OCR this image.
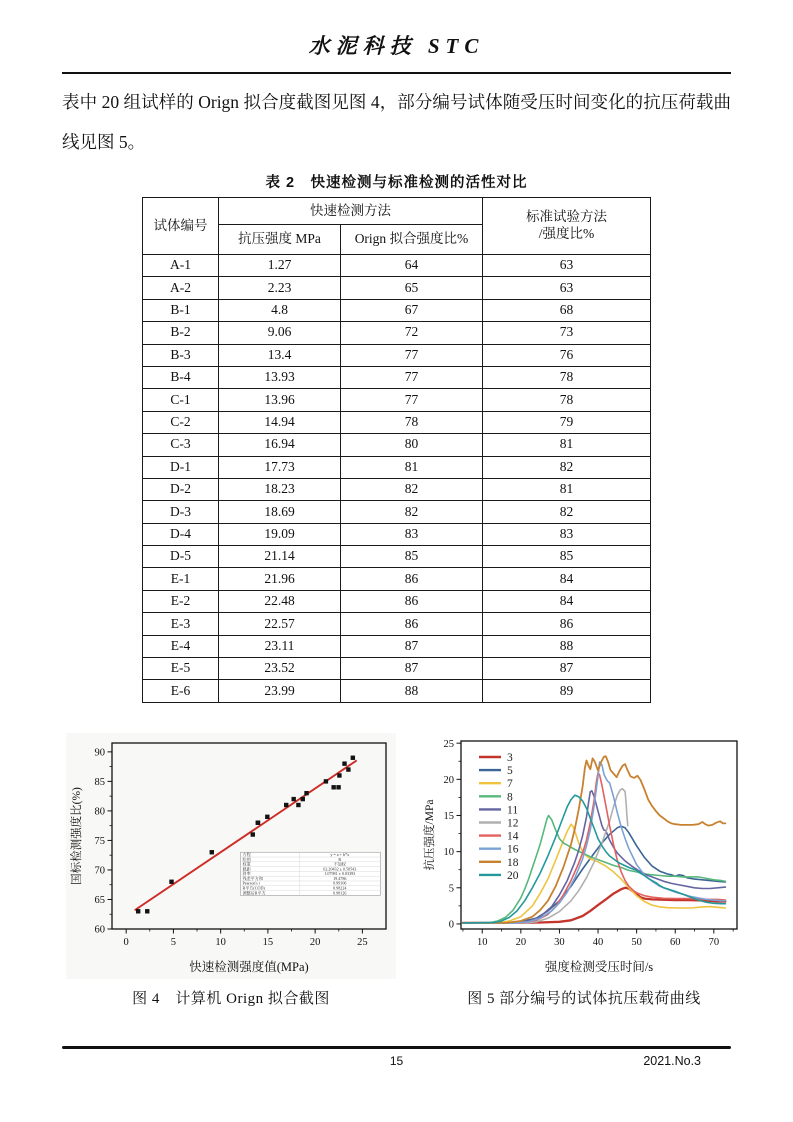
水泥科技 STC

表中 20 组试样的 Orign 拟合度截图见图 4，部分编号试体随受压时间变化的抗压荷载曲线见图 5。

表 2　快速检测与标准检测的活性对比
试体编号	快速检测方法		标准试验方法
/强度比%

	抗压强度 MPa	Orign 拟合强度比%	
A-1	1.27	64	63
A-2	2.23	65	63
B-1	4.8	67	68
B-2	9.06	72	73
B-3	13.4	77	76
B-4	13.93	77	78
C-1	13.96	77	78
C-2	14.94	78	79
C-3	16.94	80	81
D-1	17.73	81	82
D-2	18.23	82	81
D-3	18.69	82	82
D-4	19.09	83	83
D-5	21.14	85	85
E-1	21.96	86	84
E-2	22.48	86	84
E-3	22.57	86	86
E-4	23.11	87	88
E-5	23.52	87	87
E-6	23.99	88	89
0	5	10	15	20	25
60
65
70
75
80
85
90
快速检测强度值(MPa)
国标检测强度比(%)	方程	y = a + b*x
绘图	B
权重	不加权
截距	62.20432 ± 0.50543
斜率	1.07981 ± 0.03393
残差平方和	19.4786
Pearson's r	0.99106
R平方(COD)	0.98224
调整后R平方	0.98126
图 4　计算机 Orign 拟合截图
10	20	30	40	50	60	70
0
5
10
15
20
25
强度检测受压时间/s
抗压强度/MPa
3
5
7
8
11
12
14
16
18
20
图 5 部分编号的试体抗压载荷曲线
15	2021.No.3
